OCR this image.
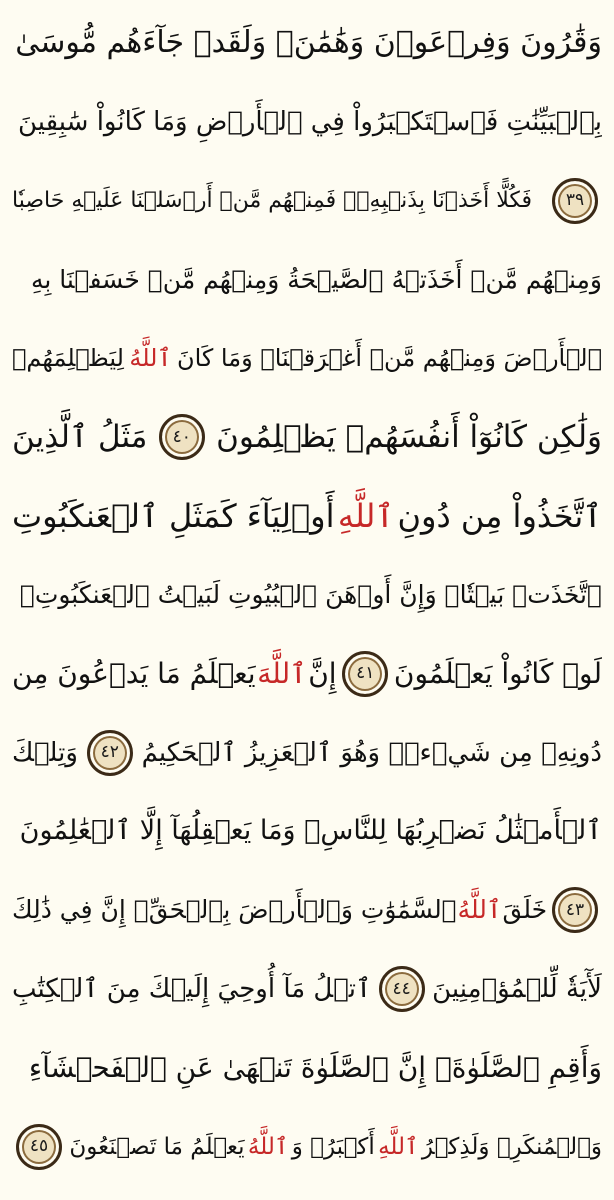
وَقَٰرُونَ وَفِرۡعَوۡنَ وَهَٰمَٰنَۖ وَلَقَدۡ جَآءَهُم مُّوسَىٰ
بِٱلۡبَيِّنَٰتِ فَٱسۡتَكۡبَرُواْ فِي ٱلۡأَرۡضِ وَمَا كَانُواْ سَٰبِقِينَ
٣٩
فَكُلًّا أَخَذۡنَا بِذَنۢبِهِۦۖ فَمِنۡهُم مَّنۡ أَرۡسَلۡنَا عَلَيۡهِ حَاصِبٗا
وَمِنۡهُم مَّنۡ أَخَذَتۡهُ ٱلصَّيۡحَةُ وَمِنۡهُم مَّنۡ خَسَفۡنَا بِهِ
ٱلۡأَرۡضَ وَمِنۡهُم مَّنۡ أَغۡرَقۡنَاۚ وَمَا كَانَ
ٱللَّهُ
لِيَظۡلِمَهُمۡ
وَلَٰكِن كَانُوٓاْ أَنفُسَهُمۡ يَظۡلِمُونَ
٤٠
مَثَلُ ٱلَّذِينَ
ٱتَّخَذُواْ مِن دُونِ
ٱللَّهِ
أَوۡلِيَآءَ كَمَثَلِ ٱلۡعَنكَبُوتِ
ٱتَّخَذَتۡ بَيۡتٗاۖ وَإِنَّ أَوۡهَنَ ٱلۡبُيُوتِ لَبَيۡتُ ٱلۡعَنكَبُوتِۖ
لَوۡ كَانُواْ يَعۡلَمُونَ
٤١
إِنَّ
ٱللَّهَ
يَعۡلَمُ مَا يَدۡعُونَ مِن
دُونِهِۦ مِن شَيۡءٖۚ وَهُوَ ٱلۡعَزِيزُ ٱلۡحَكِيمُ
٤٢
وَتِلۡكَ
ٱلۡأَمۡثَٰلُ نَضۡرِبُهَا لِلنَّاسِۖ وَمَا يَعۡقِلُهَآ إِلَّا ٱلۡعَٰلِمُونَ
٤٣
خَلَقَ
ٱللَّهُ
ٱلسَّمَٰوَٰتِ وَٱلۡأَرۡضَ بِٱلۡحَقِّۚ إِنَّ فِي ذَٰلِكَ
لَأٓيَةٗ لِّلۡمُؤۡمِنِينَ
٤٤
ٱتۡلُ مَآ أُوحِيَ إِلَيۡكَ مِنَ ٱلۡكِتَٰبِ
وَأَقِمِ ٱلصَّلَوٰةَۖ إِنَّ ٱلصَّلَوٰةَ تَنۡهَىٰ عَنِ ٱلۡفَحۡشَآءِ
وَٱلۡمُنكَرِۗ وَلَذِكۡرُ
ٱللَّهِ
أَكۡبَرُۗ وَ
ٱللَّهُ
يَعۡلَمُ مَا تَصۡنَعُونَ
٤٥
